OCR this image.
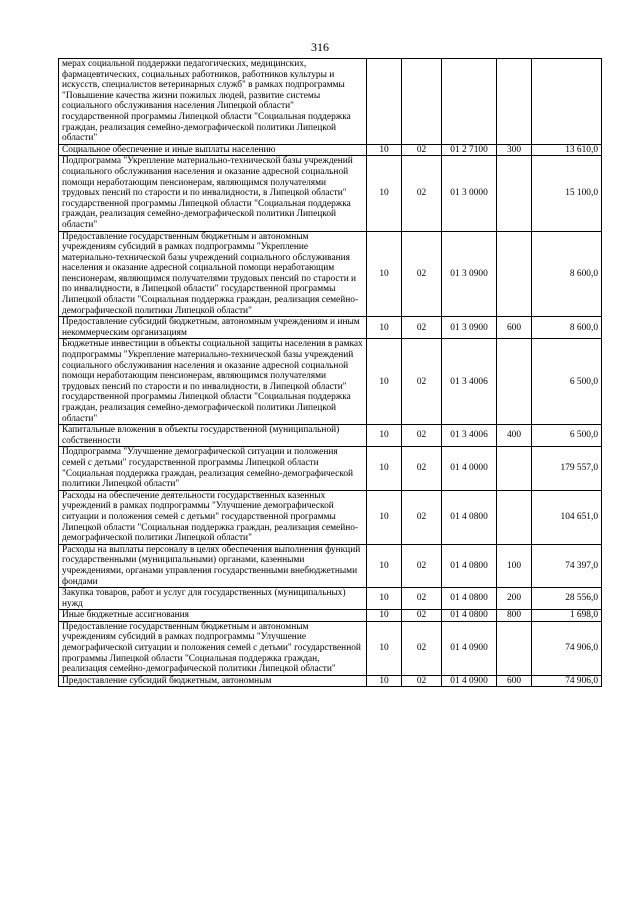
316
мерах социальной поддержки педагогических, медицинских, фармацевтических, социальных работников, работников культуры и искусств, специалистов ветеринарных служб" в рамках подпрограммы "Повышение качества жизни пожилых людей, развитие системы социального обслуживания населения Липецкой области" государственной программы Липецкой области "Социальная поддержка граждан, реализация семейно-демографической политики Липецкой области"					
Социальное обеспечение и иные выплаты населению	10	02	01 2 7100	300	13 610,0
Подпрограмма "Укрепление материально-технической базы учреждений социального обслуживания населения и оказание адресной социальной помощи неработающим пенсионерам, являющимся получателями трудовых пенсий по старости и по инвалидности, в Липецкой области" государственной программы Липецкой области "Социальная поддержка граждан, реализация семейно-демографической политики Липецкой области"	10	02	01 3 0000		15 100,0
Предоставление государственным бюджетным и автономным учреждениям субсидий в рамках подпрограммы "Укрепление материально-технической базы учреждений социального обслуживания населения и оказание адресной социальной помощи неработающим пенсионерам, являющимся получателями трудовых пенсий по старости и по инвалидности, в Липецкой области" государственной программы Липецкой области "Социальная поддержка граждан, реализация семейно-демографической политики Липецкой области"	10	02	01 3 0900		8 600,0
Предоставление субсидий бюджетным, автономным учреждениям и иным некоммерческим организациям	10	02	01 3 0900	600	8 600,0
Бюджетные инвестиции в объекты социальной защиты населения в рамках подпрограммы "Укрепление материально-технической базы учреждений социального обслуживания населения и оказание адресной социальной помощи неработающим пенсионерам, являющимся получателями трудовых пенсий по старости и по инвалидности, в Липецкой области" государственной программы Липецкой области "Социальная поддержка граждан, реализация семейно-демографической политики Липецкой области"	10	02	01 3 4006		6 500,0
Капитальные вложения в объекты государственной (муниципальной) собственности	10	02	01 3 4006	400	6 500,0
Подпрограмма "Улучшение демографической ситуации и положения семей с детьми" государственной программы Липецкой области "Социальная поддержка граждан, реализация семейно-демографической политики Липецкой области"	10	02	01 4 0000		179 557,0
Расходы на обеспечение деятельности государственных казенных учреждений в рамках подпрограммы "Улучшение демографической ситуации и положения семей с детьми" государственной программы Липецкой области "Социальная поддержка граждан, реализация семейно-демографической политики Липецкой области"	10	02	01 4 0800		104 651,0
Расходы на выплаты персоналу в целях обеспечения выполнения функций государственными (муниципальными) органами, казенными учреждениями, органами управления государственными внебюджетными фондами	10	02	01 4 0800	100	74 397,0
Закупка товаров, работ и услуг для государственных (муниципальных) нужд	10	02	01 4 0800	200	28 556,0
Иные бюджетные ассигнования	10	02	01 4 0800	800	1 698,0
Предоставление государственным бюджетным и автономным учреждениям субсидий в рамках подпрограммы "Улучшение демографической ситуации и положения семей с детьми" государственной программы Липецкой области "Социальная поддержка граждан, реализация семейно-демографической политики Липецкой области"	10	02	01 4 0900		74 906,0
Предоставление субсидий бюджетным, автономным	10	02	01 4 0900	600	74 906,0
